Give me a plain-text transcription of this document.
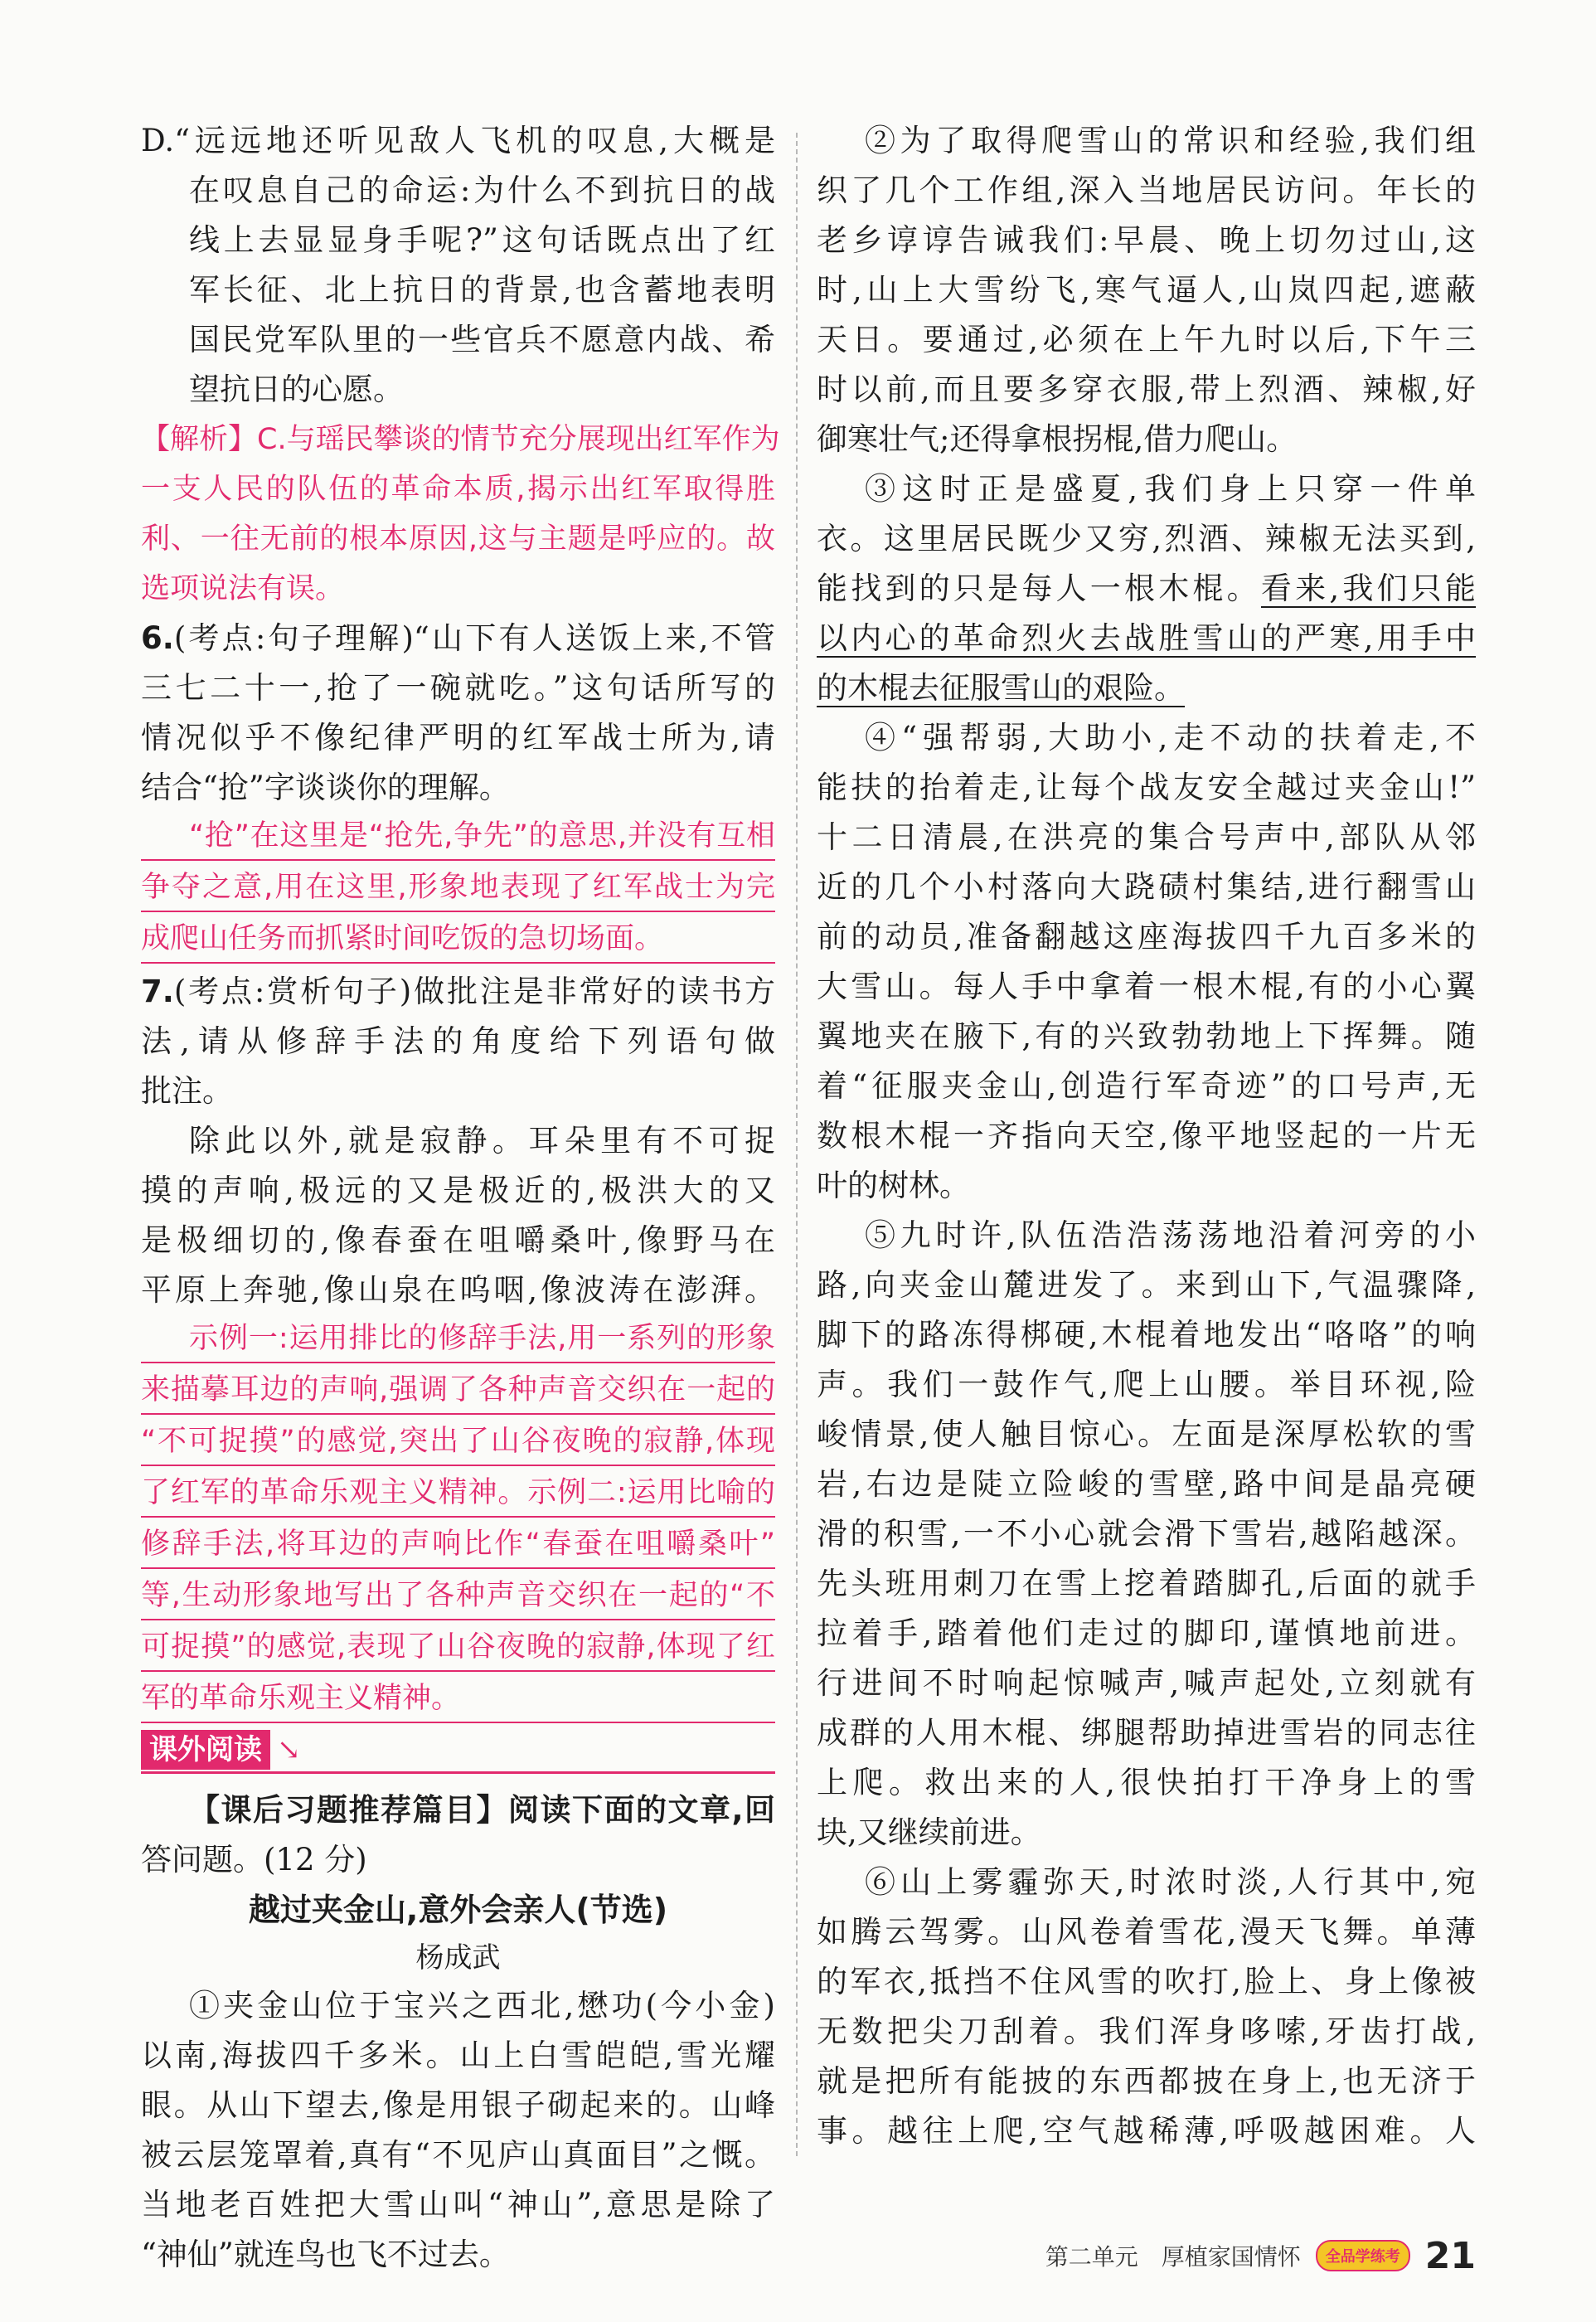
D.“远远地还听见敌人飞机的叹息,大概是
在叹息自己的命运:为什么不到抗日的战
线上去显显身手呢?”这句话既点出了红
军长征、北上抗日的背景,也含蓄地表明
国民党军队里的一些官兵不愿意内战、希
望抗日的心愿。
【解析】C.与瑶民攀谈的情节充分展现出红军作为
一支人民的队伍的革命本质,揭示出红军取得胜
利、一往无前的根本原因,这与主题是呼应的。故
选项说法有误。
6.(考点:句子理解)“山下有人送饭上来,不管
三七二十一,抢了一碗就吃。”这句话所写的
情况似乎不像纪律严明的红军战士所为,请
结合“抢”字谈谈你的理解。
“抢”在这里是“抢先,争先”的意思,并没有互相
争夺之意,用在这里,形象地表现了红军战士为完
成爬山任务而抓紧时间吃饭的急切场面。
7.(考点:赏析句子)做批注是非常好的读书方
法,请从修辞手法的角度给下列语句做
批注。
除此以外,就是寂静。耳朵里有不可捉
摸的声响,极远的又是极近的,极洪大的又
是极细切的,像春蚕在咀嚼桑叶,像野马在
平原上奔驰,像山泉在呜咽,像波涛在澎湃。
示例一:运用排比的修辞手法,用一系列的形象
来描摹耳边的声响,强调了各种声音交织在一起的
“不可捉摸”的感觉,突出了山谷夜晚的寂静,体现
了红军的革命乐观主义精神。示例二:运用比喻的
修辞手法,将耳边的声响比作“春蚕在咀嚼桑叶”
等,生动形象地写出了各种声音交织在一起的“不
可捉摸”的感觉,表现了山谷夜晚的寂静,体现了红
军的革命乐观主义精神。
课外阅读 ↘
【课后习题推荐篇目】阅读下面的文章,回
答问题。(12 分)
越过夹金山,意外会亲人(节选)
杨成武
①夹金山位于宝兴之西北,懋功(今小金)
以南,海拔四千多米。山上白雪皑皑,雪光耀
眼。从山下望去,像是用银子砌起来的。山峰
被云层笼罩着,真有“不见庐山真面目”之慨。
当地老百姓把大雪山叫“神山”,意思是除了
“神仙”就连鸟也飞不过去。
②为了取得爬雪山的常识和经验,我们组
织了几个工作组,深入当地居民访问。年长的
老乡谆谆告诫我们:早晨、晚上切勿过山,这
时,山上大雪纷飞,寒气逼人,山岚四起,遮蔽
天日。要通过,必须在上午九时以后,下午三
时以前,而且要多穿衣服,带上烈酒、辣椒,好
御寒壮气;还得拿根拐棍,借力爬山。
③这时正是盛夏,我们身上只穿一件单
衣。这里居民既少又穷,烈酒、辣椒无法买到,
能找到的只是每人一根木棍。看来,我们只能
以内心的革命烈火去战胜雪山的严寒,用手中
的木棍去征服雪山的艰险。
④“强帮弱,大助小,走不动的扶着走,不
能扶的抬着走,让每个战友安全越过夹金山!”
十二日清晨,在洪亮的集合号声中,部队从邻
近的几个小村落向大跷碛村集结,进行翻雪山
前的动员,准备翻越这座海拔四千九百多米的
大雪山。每人手中拿着一根木棍,有的小心翼
翼地夹在腋下,有的兴致勃勃地上下挥舞。随
着“征服夹金山,创造行军奇迹”的口号声,无
数根木棍一齐指向天空,像平地竖起的一片无
叶的树林。
⑤九时许,队伍浩浩荡荡地沿着河旁的小
路,向夹金山麓进发了。来到山下,气温骤降,
脚下的路冻得梆硬,木棍着地发出“咯咯”的响
声。我们一鼓作气,爬上山腰。举目环视,险
峻情景,使人触目惊心。左面是深厚松软的雪
岩,右边是陡立险峻的雪壁,路中间是晶亮硬
滑的积雪,一不小心就会滑下雪岩,越陷越深。
先头班用刺刀在雪上挖着踏脚孔,后面的就手
拉着手,踏着他们走过的脚印,谨慎地前进。
行进间不时响起惊喊声,喊声起处,立刻就有
成群的人用木棍、绑腿帮助掉进雪岩的同志往
上爬。救出来的人,很快拍打干净身上的雪
块,又继续前进。
⑥山上雾霾弥天,时浓时淡,人行其中,宛
如腾云驾雾。山风卷着雪花,漫天飞舞。单薄
的军衣,抵挡不住风雪的吹打,脸上、身上像被
无数把尖刀刮着。我们浑身哆嗦,牙齿打战,
就是把所有能披的东西都披在身上,也无济于
事。越往上爬,空气越稀薄,呼吸越困难。人
第二单元　厚植家国情怀	全品学练考 21
